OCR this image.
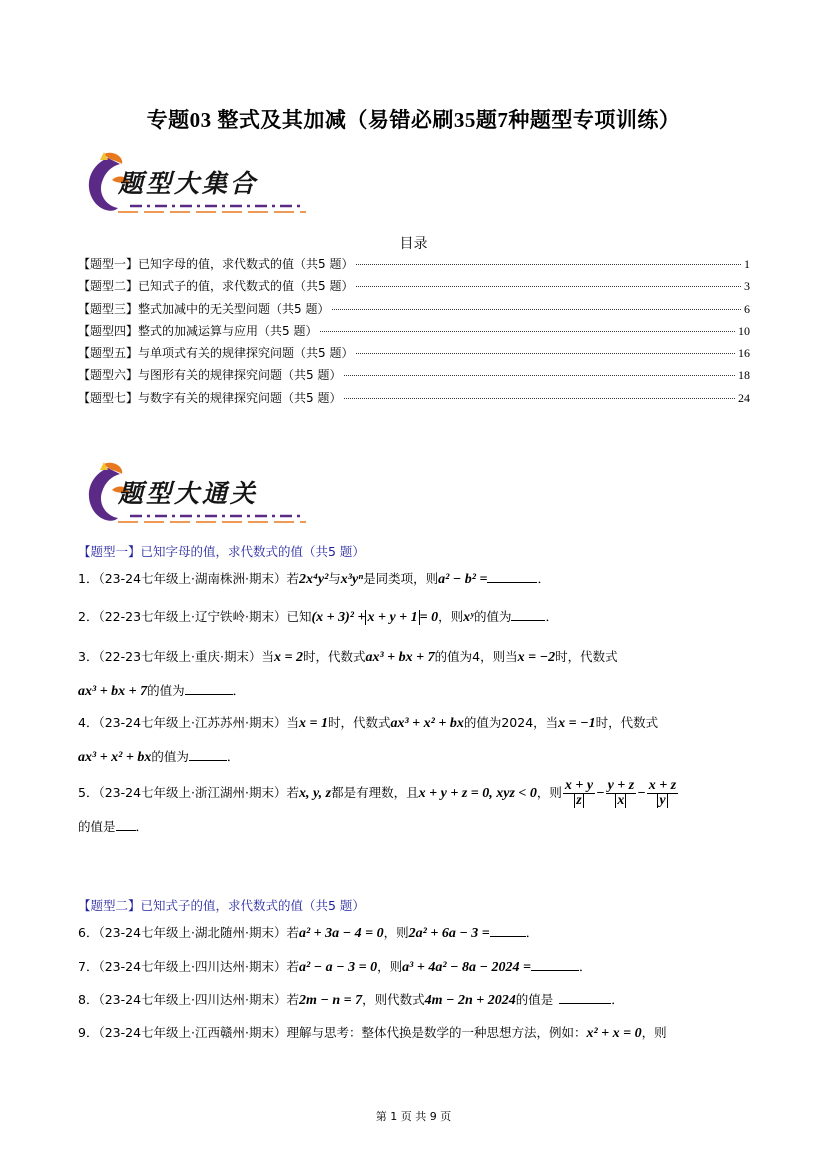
专题03 整式及其加减（易错必刷35题7种题型专项训练）
题型大集合
目录
【题型一】已知字母的值，求代数式的值（共5 题）	1
【题型二】已知式子的值，求代数式的值（共5 题）	3
【题型三】整式加减中的无关型问题（共5 题）	6
【题型四】整式的加减运算与应用（共5 题）	10
【题型五】与单项式有关的规律探究问题（共5 题）	16
【题型六】与图形有关的规律探究问题（共5 题）	18
【题型七】与数字有关的规律探究问题（共5 题）	24
题型大通关
【题型一】已知字母的值，求代数式的值（共5 题）
1．（23-24七年级上·湖南株洲·期末）若2x⁴y²与x³yⁿ是同类项，则a² − b² =	．
2．（22-23七年级上·辽宁铁岭·期末）已知(x + 3)² + x + y + 1 = 0，则xʸ的值为	．
3．（22-23七年级上·重庆·期末）当x = 2时，代数式ax³ + bx + 7的值为4，则当x = −2时，代数式
ax³ + bx + 7的值为	．
4．（23-24七年级上·江苏苏州·期末）当x = 1时，代数式ax³ + x² + bx的值为2024，当x = −1时，代数式
ax³ + x² + bx的值为	．
5．（23-24七年级上·浙江湖州·期末）若x, y, z都是有理数，且x + y + z = 0, xyz < 0，则 $\frac{x + y}{z} - \frac{y + z}{x} - \frac{x + z}{y}$

的值是 ．
【题型二】已知式子的值，求代数式的值（共5 题）
6．（23-24七年级上·湖北随州·期末）若a² + 3a − 4 = 0，则2a² + 6a − 3 =	．
7．（23-24七年级上·四川达州·期末）若a² − a − 3 = 0，则a³ + 4a² − 8a − 2024 =	．
8．（23-24七年级上·四川达州·期末）若2m − n = 7，则代数式4m − 2n + 2024的值是	．
9．（23-24七年级上·江西赣州·期末）理解与思考：整体代换是数学的一种思想方法，例如：x² + x = 0，则
第 1 页 共 9 页
